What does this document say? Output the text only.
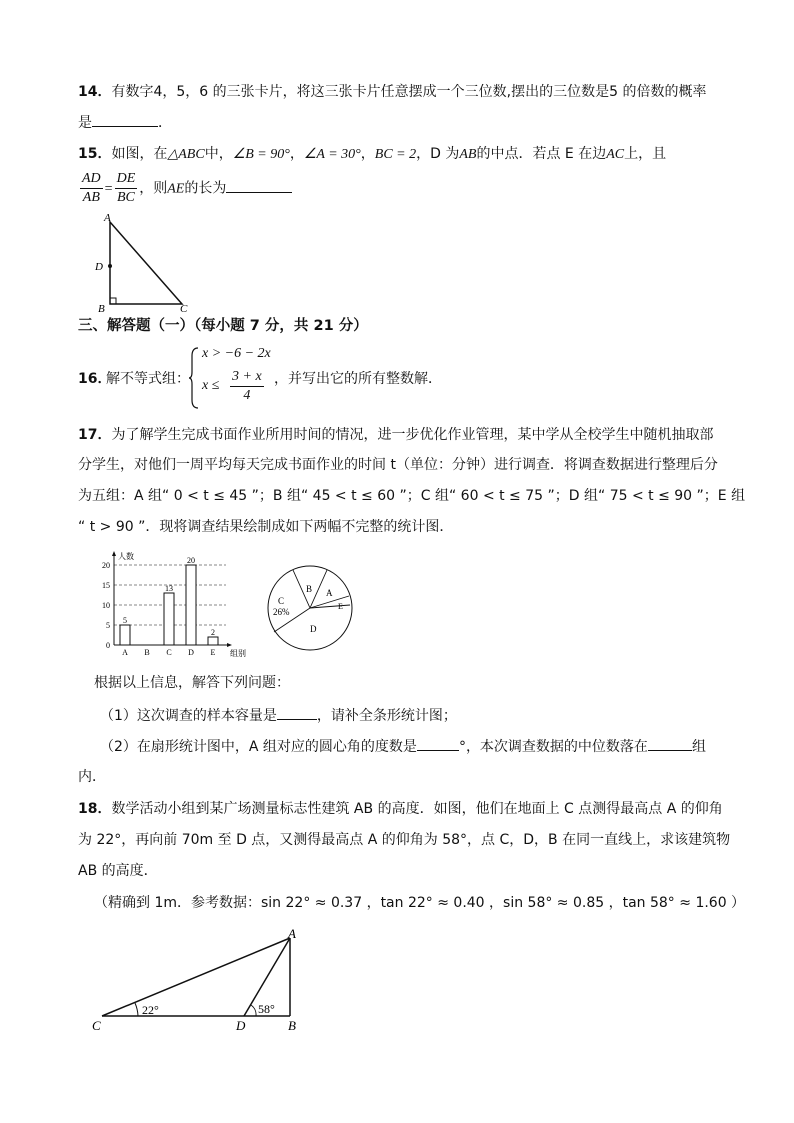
14．有数字4，5，6 的三张卡片，将这三张卡片任意摆成一个三位数,摆出的三位数是5 的倍数的概率
是	．
15．如图，在△ABC中，∠B = 90°，∠A = 30°，BC = 2，D 为AB的中点．若点 E 在边AC上，且
$\frac{AD}{AB} = \frac{DE}{BC}$ ，则AE的长为
A
D
B	C
三、解答题（一）（每小题 7 分，共 21 分）
16．
解不等式组：
x > −6 − 2x
$x \le \frac{3 + x}{4}$ ，并写出它的所有整数解．
17．为了解学生完成书面作业所用时间的情况，进一步优化作业管理，某中学从全校学生中随机抽取部
分学生，对他们一周平均每天完成书面作业的时间 t（单位：分钟）进行调查．将调查数据进行整理后分
为五组：A 组“ 0 < t ≤ 45 ”；B 组“ 45 < t ≤ 60 ”；C 组“ 60 < t ≤ 75 ”；D 组“ 75 < t ≤ 90 ”；E 组
“ t > 90 ”．现将调查结果绘制成如下两幅不完整的统计图．
人数
组别
0
5
10
15
20
5
A B
13
C
20
D
2
E
B A
E
C
26%
D
根据以上信息，解答下列问题：
（1）这次调查的样本容量是	，请补全条形统计图；
（2）在扇形统计图中，A 组对应的圆心角的度数是	°，本次调查数据的中位数落在	组
内．
18．数学活动小组到某广场测量标志性建筑 AB 的高度．如图，他们在地面上 C 点测得最高点 A 的仰角
为 22°，再向前 70m 至 D 点，又测得最高点 A 的仰角为 58°，点 C，D，B 在同一直线上，求该建筑物
AB 的高度．
（精确到 1m．参考数据：sin 22° ≈ 0.37 ，tan 22° ≈ 0.40 ，sin 58° ≈ 0.85 ，tan 58° ≈ 1.60 ）
22°	58°
A
B
C	D
